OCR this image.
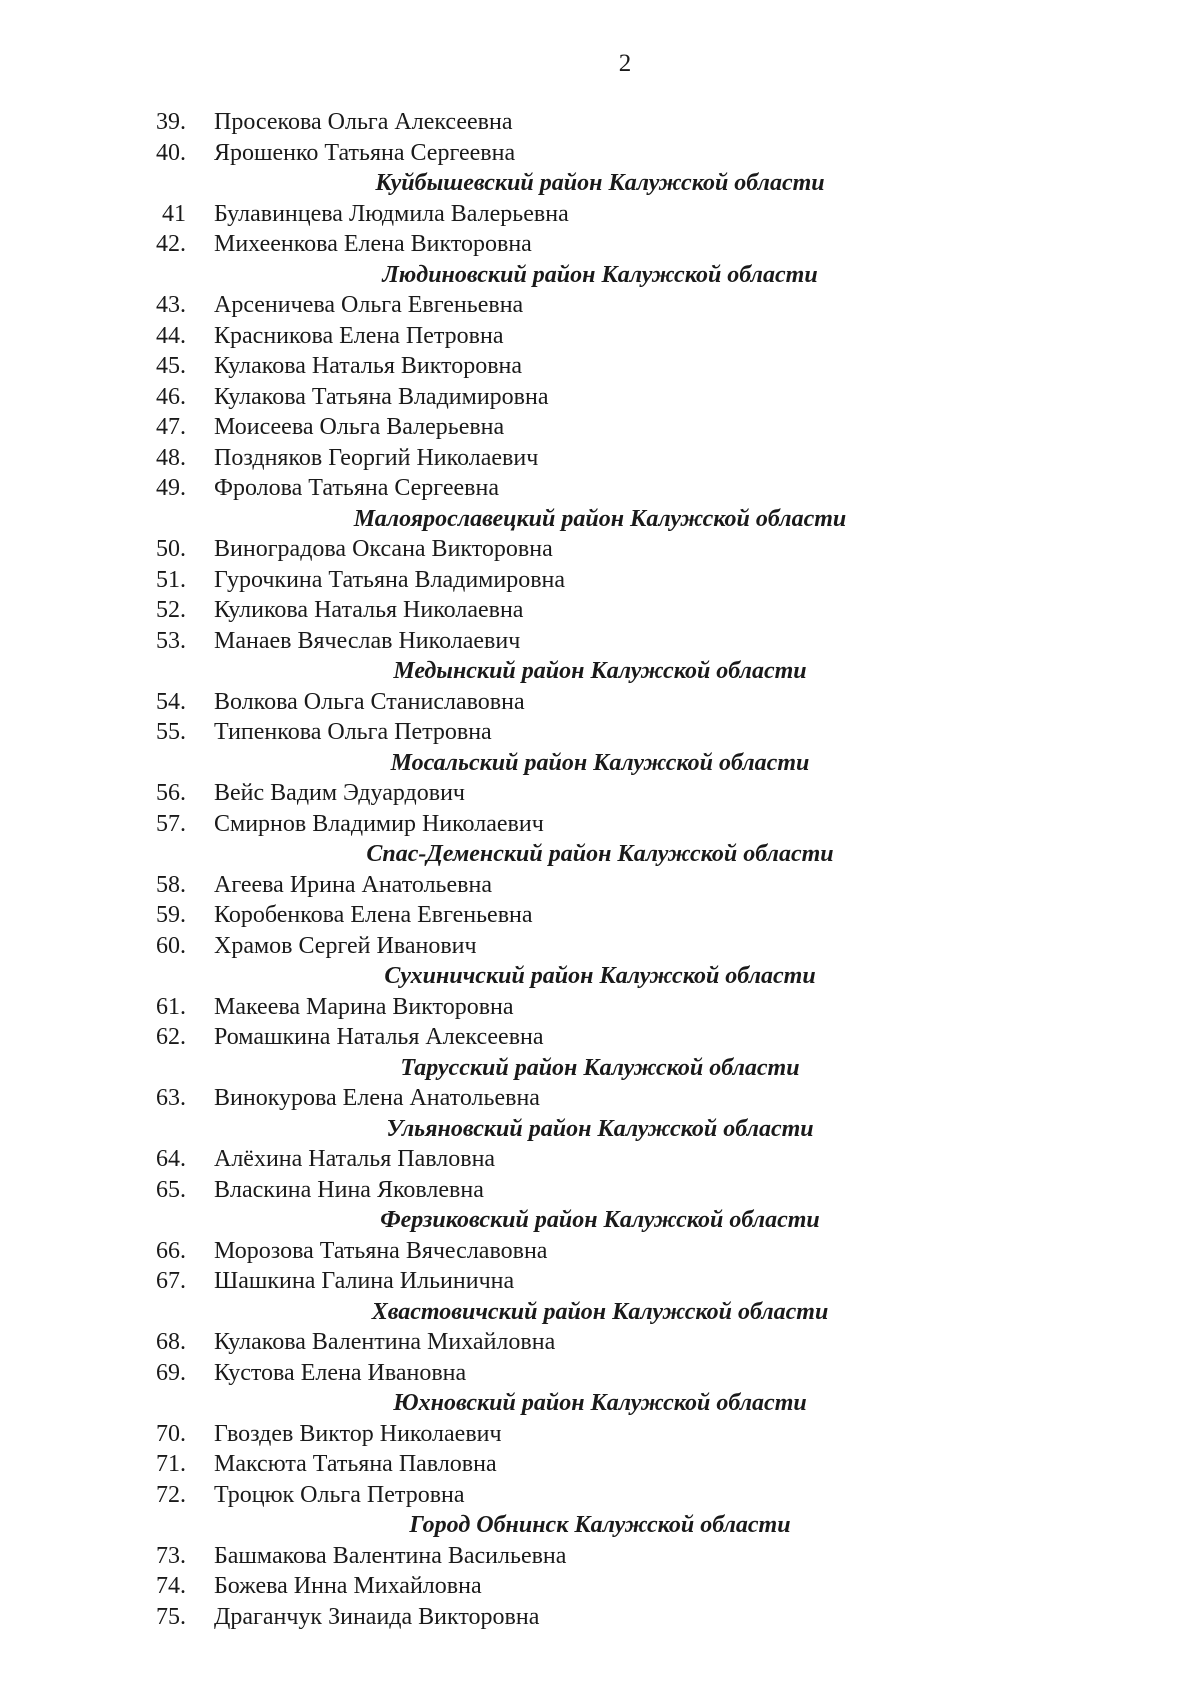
2
39. Просекова Ольга Алексеевна
40. Ярошенко Татьяна Сергеевна
Куйбышевский район Калужской области
41 Булавинцева Людмила Валерьевна
42. Михеенкова Елена Викторовна
Людиновский район Калужской области
43. Арсеничева Ольга Евгеньевна
44. Красникова Елена Петровна
45. Кулакова Наталья Викторовна
46. Кулакова Татьяна Владимировна
47. Моисеева Ольга Валерьевна
48. Поздняков Георгий Николаевич
49. Фролова Татьяна Сергеевна
Малоярославецкий район Калужской области
50. Виноградова Оксана Викторовна
51. Гурочкина Татьяна Владимировна
52. Куликова Наталья Николаевна
53. Манаев Вячеслав Николаевич
Медынский район Калужской области
54. Волкова Ольга Станиславовна
55. Типенкова Ольга Петровна
Мосальский район Калужской области
56. Вейс Вадим Эдуардович
57. Смирнов Владимир Николаевич
Спас-Деменский район Калужской области
58. Агеева Ирина Анатольевна
59. Коробенкова Елена Евгеньевна
60. Храмов Сергей Иванович
Сухиничский район Калужской области
61. Макеева Марина Викторовна
62. Ромашкина Наталья Алексеевна
Тарусский район Калужской области
63. Винокурова Елена Анатольевна
Ульяновский район Калужской области
64. Алёхина Наталья Павловна
65. Власкина Нина Яковлевна
Ферзиковский район Калужской области
66. Морозова Татьяна Вячеславовна
67. Шашкина Галина Ильинична
Хвастовичский район Калужской области
68. Кулакова Валентина Михайловна
69. Кустова Елена Ивановна
Юхновский район Калужской области
70. Гвоздев Виктор Николаевич
71. Максюта Татьяна Павловна
72. Троцюк Ольга Петровна
Город Обнинск Калужской области
73. Башмакова Валентина Васильевна
74. Божева Инна Михайловна
75. Драганчук Зинаида Викторовна
